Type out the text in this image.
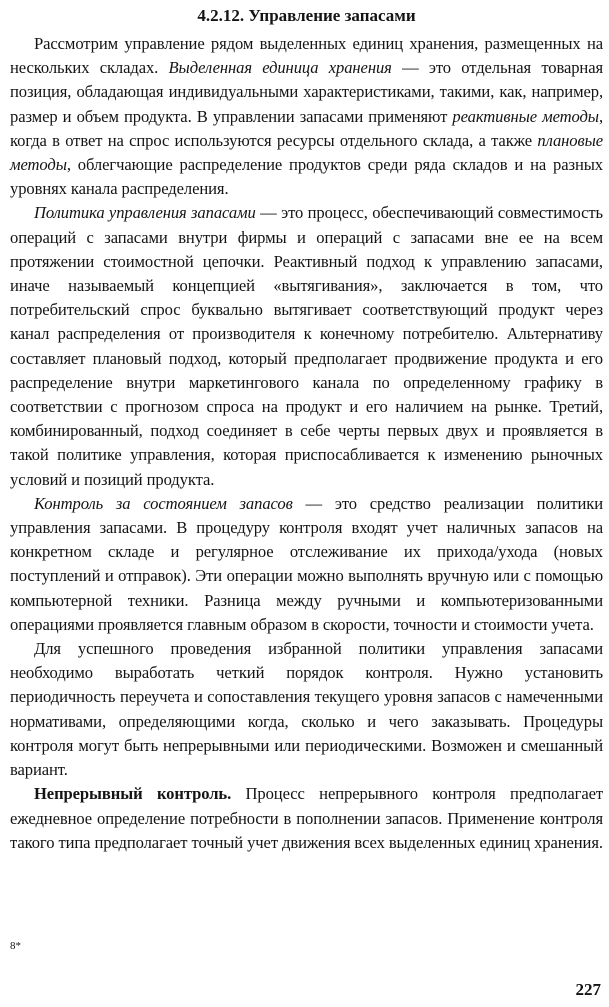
4.2.12. Управление запасами

Рассмотрим управление рядом выделенных единиц хранения, размещенных на нескольких складах. Выделенная единица хранения — это отдельная товарная позиция, обладающая индивидуальными характеристиками, такими, как, например, размер и объем продукта. В управлении запасами применяют реактивные методы, когда в ответ на спрос используются ресурсы отдельного склада, а также плановые методы, облегчающие распределение продуктов среди ряда складов и на разных уровнях канала распределения.

Политика управления запасами — это процесс, обеспечивающий совместимость операций с запасами внутри фирмы и операций с запасами вне ее на всем протяжении стоимостной цепочки. Реактивный подход к управлению запасами, иначе называемый концепцией «вытягивания», заключается в том, что потребительский спрос буквально вытягивает соответствующий продукт через канал распределения от производителя к конечному потребителю. Альтернативу составляет плановый подход, который предполагает продвижение продукта и его распределение внутри маркетингового канала по определенному графику в соответствии с прогнозом спроса на продукт и его наличием на рынке. Третий, комбинированный, подход соединяет в себе черты первых двух и проявляется в такой политике управления, которая приспосабливается к изменению рыночных условий и позиций продукта.

Контроль за состоянием запасов — это средство реализации политики управления запасами. В процедуру контроля входят учет наличных запасов на конкретном складе и регулярное отслеживание их прихода/ухода (новых поступлений и отправок). Эти операции можно выполнять вручную или с помощью компьютерной техники. Разница между ручными и компьютеризованными операциями проявляется главным образом в скорости, точности и стоимости учета.

Для успешного проведения избранной политики управления запасами необходимо выработать четкий порядок контроля. Нужно установить периодичность переучета и сопоставления текущего уровня запасов с намеченными нормативами, определяющими когда, сколько и чего заказывать. Процедуры контроля могут быть непрерывными или периодическими. Возможен и смешанный вариант.

Непрерывный контроль. Процесс непрерывного контроля предполагает ежедневное определение потребности в пополнении запасов. Применение контроля такого типа предполагает точный учет движения всех выделенных единиц хранения.

8*
227
